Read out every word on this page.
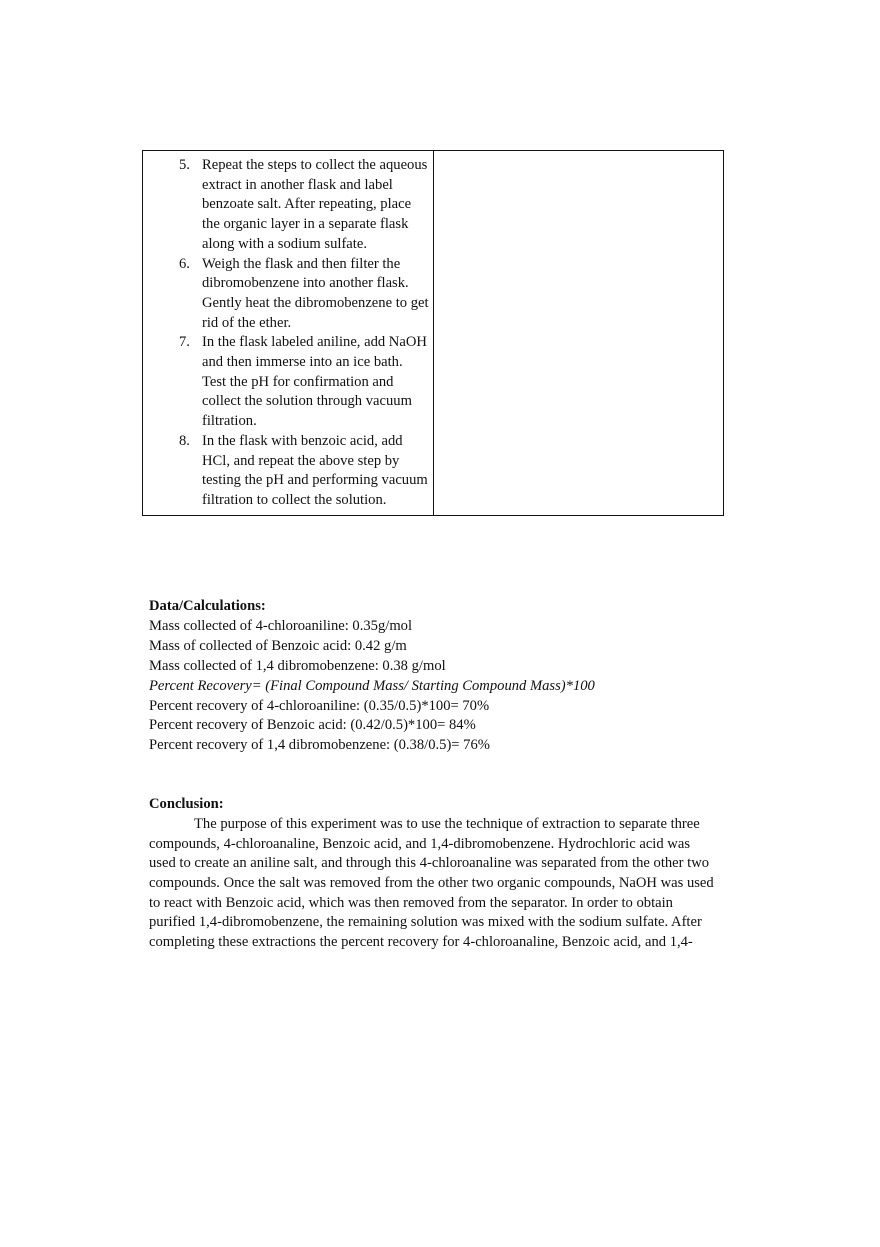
5. Repeat the steps to collect the aqueous
extract in another flask and label
benzoate salt. After repeating, place
the organic layer in a separate flask
along with a sodium sulfate.
6. Weigh the flask and then filter the
dibromobenzene into another flask.
Gently heat the dibromobenzene to get
rid of the ether.
7. In the flask labeled aniline, add NaOH
and then immerse into an ice bath.
Test the pH for confirmation and
collect the solution through vacuum
filtration.
8. In the flask with benzoic acid, add
HCl, and repeat the above step by
testing the pH and performing vacuum
filtration to collect the solution.
Data/Calculations:
Mass collected of 4-chloroaniline: 0.35g/mol
Mass of collected of Benzoic acid: 0.42 g/m
Mass collected of 1,4 dibromobenzene: 0.38 g/mol
Percent Recovery= (Final Compound Mass/ Starting Compound Mass)*100
Percent recovery of 4-chloroaniline: (0.35/0.5)*100= 70%
Percent recovery of Benzoic acid: (0.42/0.5)*100= 84%
Percent recovery of 1,4 dibromobenzene: (0.38/0.5)= 76%
Conclusion:
The purpose of this experiment was to use the technique of extraction to separate three
compounds, 4-chloroanaline, Benzoic acid, and 1,4-dibromobenzene. Hydrochloric acid was
used to create an aniline salt, and through this 4-chloroanaline was separated from the other two
compounds. Once the salt was removed from the other two organic compounds, NaOH was used
to react with Benzoic acid, which was then removed from the separator. In order to obtain
purified 1,4-dibromobenzene, the remaining solution was mixed with the sodium sulfate. After
completing these extractions the percent recovery for 4-chloroanaline, Benzoic acid, and 1,4-
